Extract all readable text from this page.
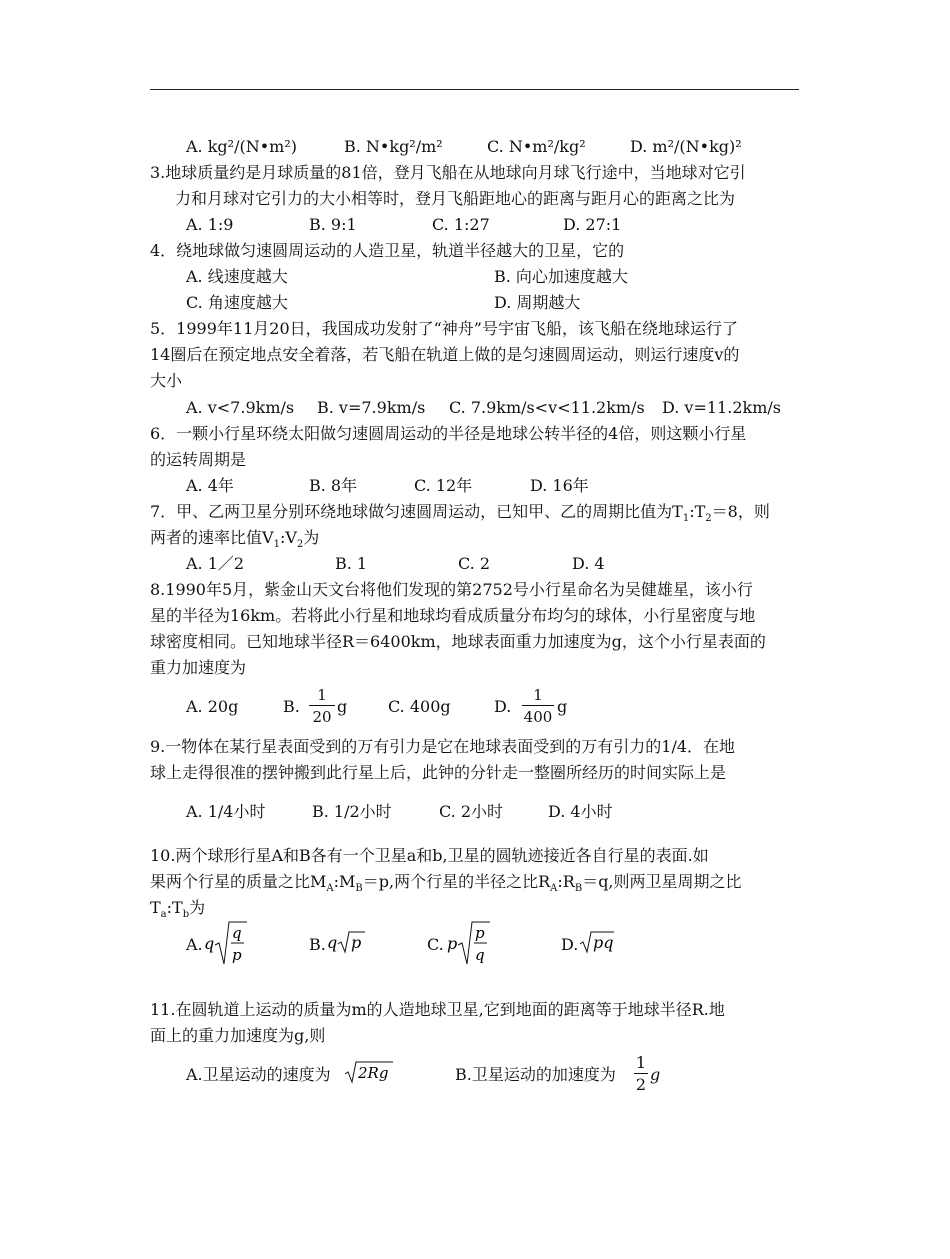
A. kg²/(N•m²)	B. N•kg²/m²	C. N•m²/kg²	D. m²/(N•kg)²
3.地球质量约是月球质量的81倍，登月飞船在从地球向月球飞行途中，当地球对它引
力和月球对它引力的大小相等时，登月飞船距地心的距离与距月心的距离之比为
A. 1:9	B. 9:1	C. 1:27	D. 27:1
4．绕地球做匀速圆周运动的人造卫星，轨道半径越大的卫星，它的
A. 线速度越大	B. 向心加速度越大
C. 角速度越大	D. 周期越大
5．1999年11月20日，我国成功发射了“神舟”号宇宙飞船，该飞船在绕地球运行了
14圈后在预定地点安全着落，若飞船在轨道上做的是匀速圆周运动，则运行速度v的
大小
A. v<7.9km/s B. v=7.9km/s C. 7.9km/s<v<11.2km/s D. v=11.2km/s
6．一颗小行星环绕太阳做匀速圆周运动的半径是地球公转半径的4倍，则这颗小行星
的运转周期是
A. 4年	B. 8年	C. 12年	D. 16年
7．甲、乙两卫星分别环绕地球做匀速圆周运动，已知甲、乙的周期比值为$T_1:T_2=8$，则
两者的速率比值$V_1:V_2$为
A. 1／2	B. 1	C. 2	D. 4
8.1990年5月，紫金山天文台将他们发现的第2752号小行星命名为吴健雄星，该小行
星的半径为16km。若将此小行星和地球均看成质量分布均匀的球体，小行星密度与地
球密度相同。已知地球半径R＝6400km，地球表面重力加速度为g，这个小行星表面的
重力加速度为
A. 20g	B.
1
20
g	C. 400g	D.
1
400
g
9.一物体在某行星表面受到的万有引力是它在地球表面受到的万有引力的1/4．在地
球上走得很准的摆钟搬到此行星上后，此钟的分针走一整圈所经历的时间实际上是
A. 1/4小时	B. 1/2小时	C. 2小时	D. 4小时
10.两个球形行星A和B各有一个卫星a和b,卫星的圆轨迹接近各自行星的表面.如
果两个行星的质量之比$M_A:M_B=p$,两个行星的半径之比$R_A:R_B=q$,则两卫星周期之比
$T_a:T_b$为
A. q
q
p
B. q p	C. p
p
q
D. pq
11.在圆轨道上运动的质量为m的人造地球卫星,它到地面的距离等于地球半径R.地
面上的重力加速度为g,则
A.卫星运动的速度为 2Rg	B.卫星运动的加速度为
1
2
g
